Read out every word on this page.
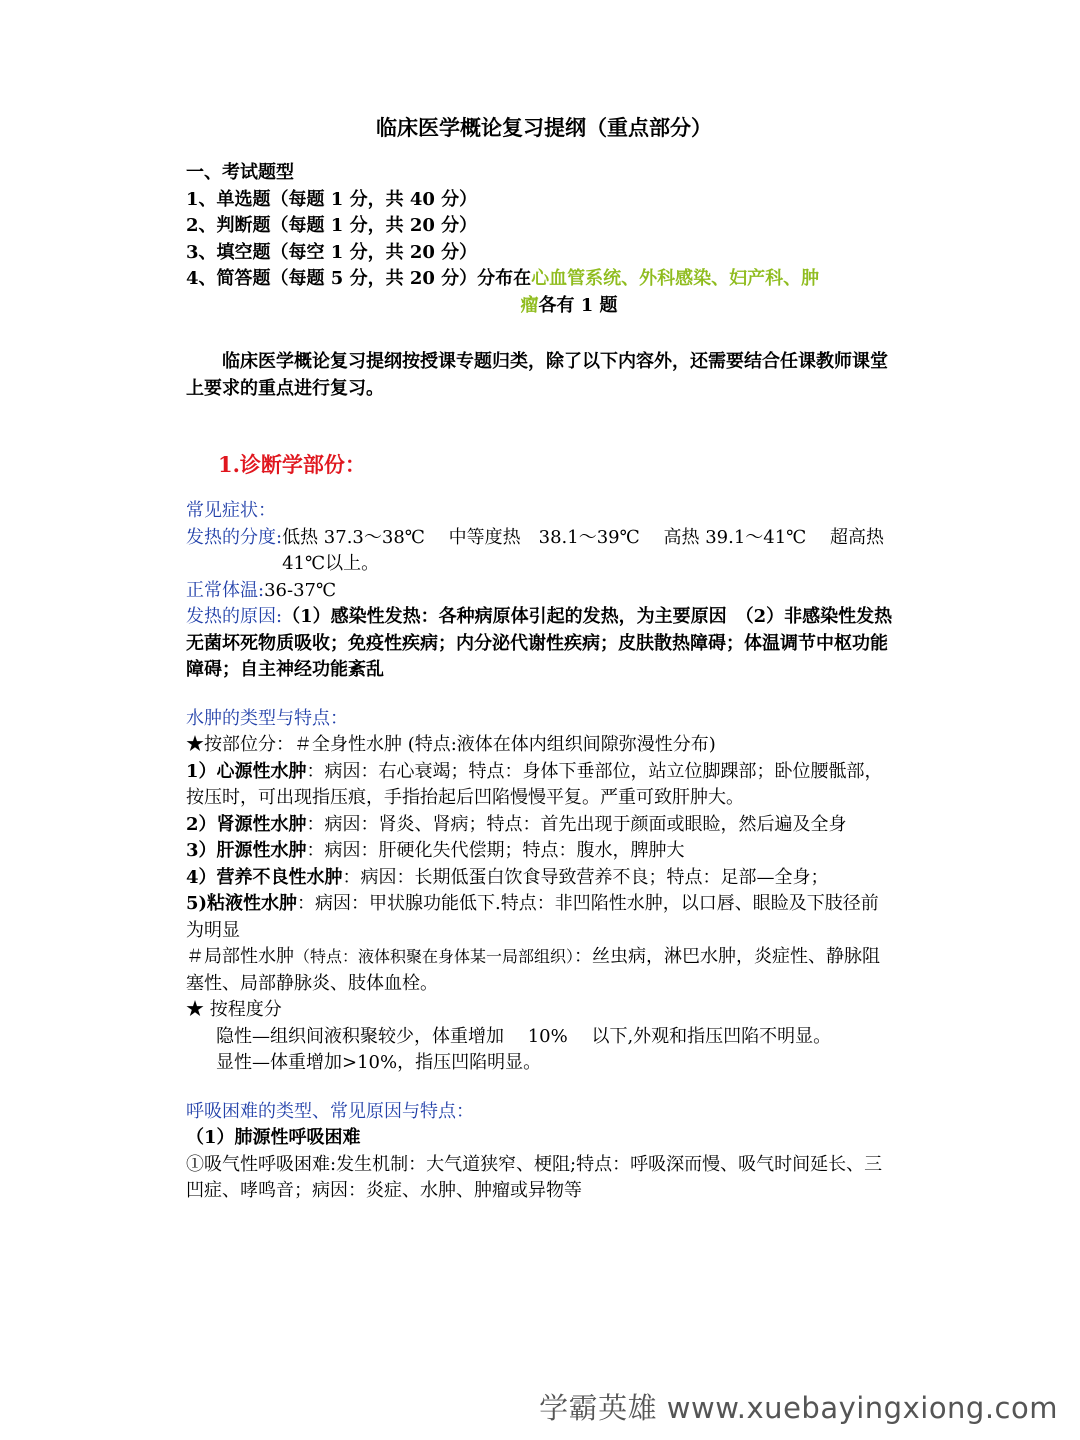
临床医学概论复习提纲（重点部分）
一、考试题型
1、单选题（每题 1 分，共 40 分）
2、判断题（每题 1 分，共 20 分）
3、填空题（每空 1 分，共 20 分）
4、简答题（每题 5 分，共 20 分）分布在心血管系统、外科感染、妇产科、肿
瘤各有 1 题
临床医学概论复习提纲按授课专题归类，除了以下内容外，还需要结合任课教师课堂上要求的重点进行复习。
1.诊断学部份：
常见症状：
发热的分度: 低热 37.3～38℃　 中等度热　38.1～39℃　 高热 39.1～41℃　 超高热 41℃以上。
正常体温:36-37℃
发热的原因:（1）感染性发热：各种病原体引起的发热，为主要原因　（2）非感染性发热无菌坏死物质吸收；免疫性疾病；内分泌代谢性疾病；皮肤散热障碍；体温调节中枢功能障碍；自主神经功能紊乱
水肿的类型与特点：
★按部位分：＃全身性水肿 (特点:液体在体内组织间隙弥漫性分布)
1）心源性水肿：病因：右心衰竭；特点：身体下垂部位，站立位脚踝部；卧位腰骶部，按压时，可出现指压痕，手指抬起后凹陷慢慢平复。严重可致肝肿大。
2）肾源性水肿：病因：肾炎、肾病；特点：首先出现于颜面或眼睑，然后遍及全身
3）肝源性水肿：病因：肝硬化失代偿期；特点：腹水，脾肿大
4）营养不良性水肿：病因：长期低蛋白饮食导致营养不良；特点：足部—全身；
5)粘液性水肿：病因：甲状腺功能低下.特点：非凹陷性水肿，以口唇、眼睑及下肢径前为明显
＃局部性水肿（特点：液体积聚在身体某一局部组织）：丝虫病，淋巴水肿，炎症性、静脉阻塞性、局部静脉炎、肢体血栓。
★ 按程度分
隐性—组织间液积聚较少，体重增加　 10%　 以下,外观和指压凹陷不明显。
显性—体重增加>10%，指压凹陷明显。
呼吸困难的类型、常见原因与特点：
（1）肺源性呼吸困难
①吸气性呼吸困难:发生机制：大气道狭窄、梗阻;特点：呼吸深而慢、吸气时间延长、三凹症、哮鸣音；病因：炎症、水肿、肿瘤或异物等
学霸英雄 www.xuebayingxiong.com
